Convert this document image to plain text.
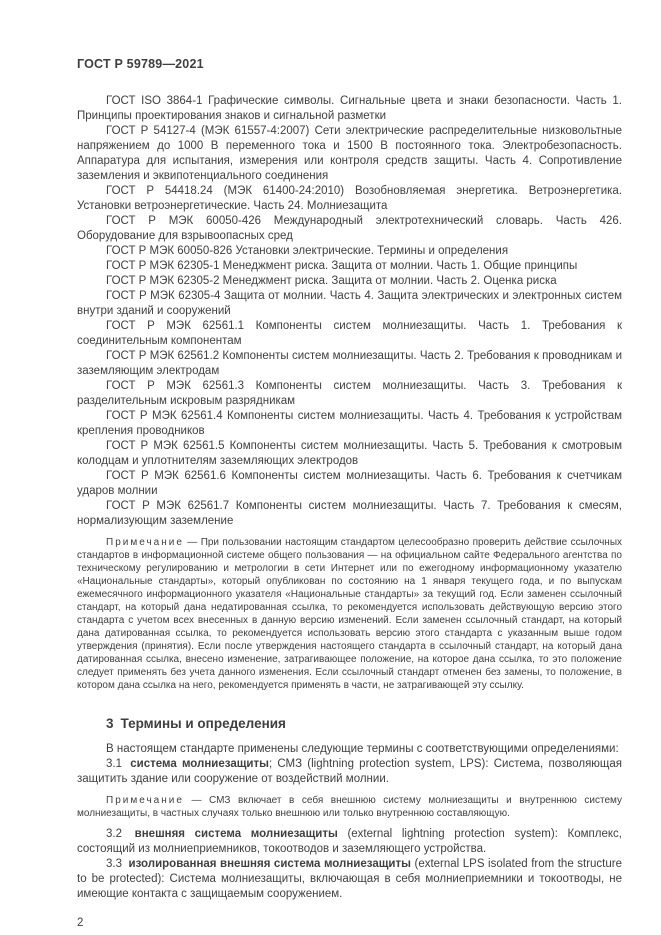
ГОСТ Р 59789—2021

ГОСТ ISO 3864-1 Графические символы. Сигнальные цвета и знаки безопасности. Часть 1. Принципы проектирования знаков и сигнальной разметки

ГОСТ Р 54127-4 (МЭК 61557-4:2007) Сети электрические распределительные низковольтные напряжением до 1000 В переменного тока и 1500 В постоянного тока. Электробезопасность. Аппаратура для испытания, измерения или контроля средств защиты. Часть 4. Сопротивление заземления и эквипотенциального соединения

ГОСТ Р 54418.24 (МЭК 61400-24:2010) Возобновляемая энергетика. Ветроэнергетика. Установки ветроэнергетические. Часть 24. Молниезащита

ГОСТ Р МЭК 60050-426 Международный электротехнический словарь. Часть 426. Оборудование для взрывоопасных сред

ГОСТ Р МЭК 60050-826 Установки электрические. Термины и определения

ГОСТ Р МЭК 62305-1 Менеджмент риска. Защита от молнии. Часть 1. Общие принципы

ГОСТ Р МЭК 62305-2 Менеджмент риска. Защита от молнии. Часть 2. Оценка риска

ГОСТ Р МЭК 62305-4 Защита от молнии. Часть 4. Защита электрических и электронных систем внутри зданий и сооружений

ГОСТ Р МЭК 62561.1 Компоненты систем молниезащиты. Часть 1. Требования к соединительным компонентам

ГОСТ Р МЭК 62561.2 Компоненты систем молниезащиты. Часть 2. Требования к проводникам и заземляющим электродам

ГОСТ Р МЭК 62561.3 Компоненты систем молниезащиты. Часть 3. Требования к разделительным искровым разрядникам

ГОСТ Р МЭК 62561.4 Компоненты систем молниезащиты. Часть 4. Требования к устройствам крепления проводников

ГОСТ Р МЭК 62561.5 Компоненты систем молниезащиты. Часть 5. Требования к смотровым колодцам и уплотнителям заземляющих электродов

ГОСТ Р МЭК 62561.6 Компоненты систем молниезащиты. Часть 6. Требования к счетчикам ударов молнии

ГОСТ Р МЭК 62561.7 Компоненты систем молниезащиты. Часть 7. Требования к смесям, нормализующим заземление

Примечание — При пользовании настоящим стандартом целесообразно проверить действие ссылочных стандартов в информационной системе общего пользования — на официальном сайте Федерального агентства по техническому регулированию и метрологии в сети Интернет или по ежегодному информационному указателю «Национальные стандарты», который опубликован по состоянию на 1 января текущего года, и по выпускам ежемесячного информационного указателя «Национальные стандарты» за текущий год. Если заменен ссылочный стандарт, на который дана недатированная ссылка, то рекомендуется использовать действующую версию этого стандарта с учетом всех внесенных в данную версию изменений. Если заменен ссылочный стандарт, на который дана датированная ссылка, то рекомендуется использовать версию этого стандарта с указанным выше годом утверждения (принятия). Если после утверждения настоящего стандарта в ссылочный стандарт, на который дана датированная ссылка, внесено изменение, затрагивающее положение, на которое дана ссылка, то это положение следует применять без учета данного изменения. Если ссылочный стандарт отменен без замены, то положение, в котором дана ссылка на него, рекомендуется применять в части, не затрагивающей эту ссылку.
3 Термины и определения

В настоящем стандарте применены следующие термины с соответствующими определениями:

3.1 система молниезащиты; СМЗ (lightning protection system, LPS): Система, позволяющая защитить здание или сооружение от воздействий молнии.

Примечание — СМЗ включает в себя внешнюю систему молниезащиты и внутреннюю систему молниезащиты, в частных случаях только внешнюю или только внутреннюю составляющую.

3.2 внешняя система молниезащиты (external lightning protection system): Комплекс, состоящий из молниеприемников, токоотводов и заземляющего устройства.

3.3 изолированная внешняя система молниезащиты (external LPS isolated from the structure to be protected): Система молниезащиты, включающая в себя молниеприемники и токоотводы, не имеющие контакта с защищаемым сооружением.

2
